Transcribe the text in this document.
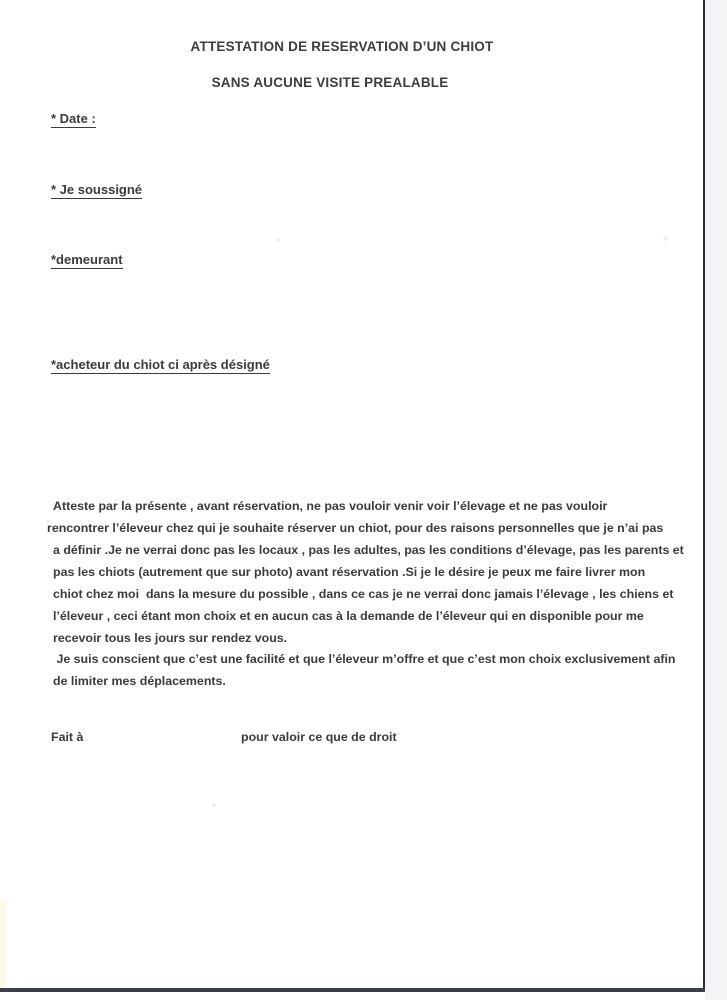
ATTESTATION DE RESERVATION D’UN CHIOT
SANS AUCUNE VISITE PREALABLE
* Date :
* Je soussigné
*demeurant
*acheteur du chiot ci après désigné
Atteste par la présente , avant réservation, ne pas vouloir venir voir l’élevage et ne pas vouloir
rencontrer l’éleveur chez qui je souhaite réserver un chiot, pour des raisons personnelles que je n’ai pas
a définir .Je ne verrai donc pas les locaux , pas les adultes, pas les conditions d’élevage, pas les parents et
pas les chiots (autrement que sur photo) avant réservation .Si je le désire je peux me faire livrer mon
chiot chez moi  dans la mesure du possible , dans ce cas je ne verrai donc jamais l’élevage , les chiens et
l’éleveur , ceci étant mon choix et en aucun cas à la demande de l’éleveur qui en disponible pour me
recevoir tous les jours sur rendez vous.
Je suis conscient que c’est une facilité et que l’éleveur m’offre et que c’est mon choix exclusivement afin
de limiter mes déplacements.
Fait à	pour valoir ce que de droit
